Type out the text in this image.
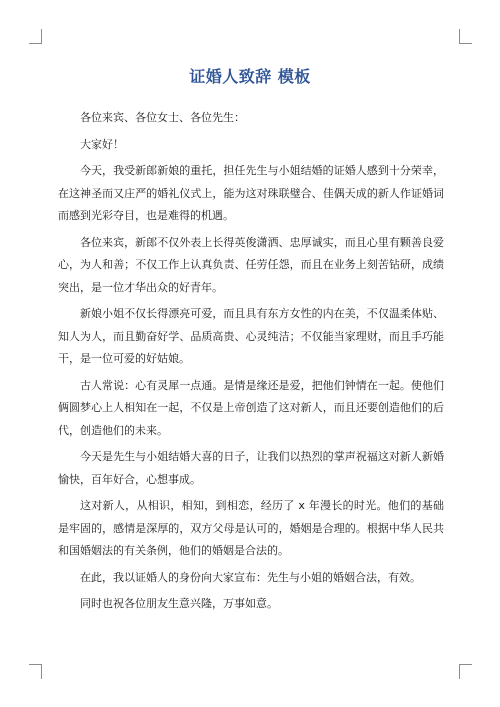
证婚人致辞 模板

各位来宾、各位女士、各位先生：

大家好！

今天，我受新郎新娘的重托，担任先生与小姐结婚的证婚人感到十分荣幸，在这神圣而又庄严的婚礼仪式上，能为这对珠联璧合、佳偶天成的新人作证婚词而感到光彩夺目，也是难得的机遇。

各位来宾，新郎不仅外表上长得英俊潇洒、忠厚诚实，而且心里有颗善良爱心，为人和善；不仅工作上认真负责、任劳任怨，而且在业务上刻苦钻研，成绩突出，是一位才华出众的好青年。

新娘小姐不仅长得漂亮可爱，而且具有东方女性的内在美，不仅温柔体贴、知人为人，而且勤奋好学、品质高贵、心灵纯洁；不仅能当家理财，而且手巧能干，是一位可爱的好姑娘。

古人常说：心有灵犀一点通。是情是缘还是爱，把他们钟情在一起。使他们俩圆梦心上人相知在一起，不仅是上帝创造了这对新人，而且还要创造他们的后代，创造他们的未来。

今天是先生与小姐结婚大喜的日子，让我们以热烈的掌声祝福这对新人新婚愉快，百年好合，心想事成。

这对新人，从相识，相知，到相恋，经历了 x 年漫长的时光。他们的基础是牢固的，感情是深厚的，双方父母是认可的，婚姻是合理的。根据中华人民共和国婚姻法的有关条例，他们的婚姻是合法的。

在此，我以证婚人的身份向大家宣布：先生与小姐的婚姻合法，有效。

同时也祝各位朋友生意兴隆，万事如意。
